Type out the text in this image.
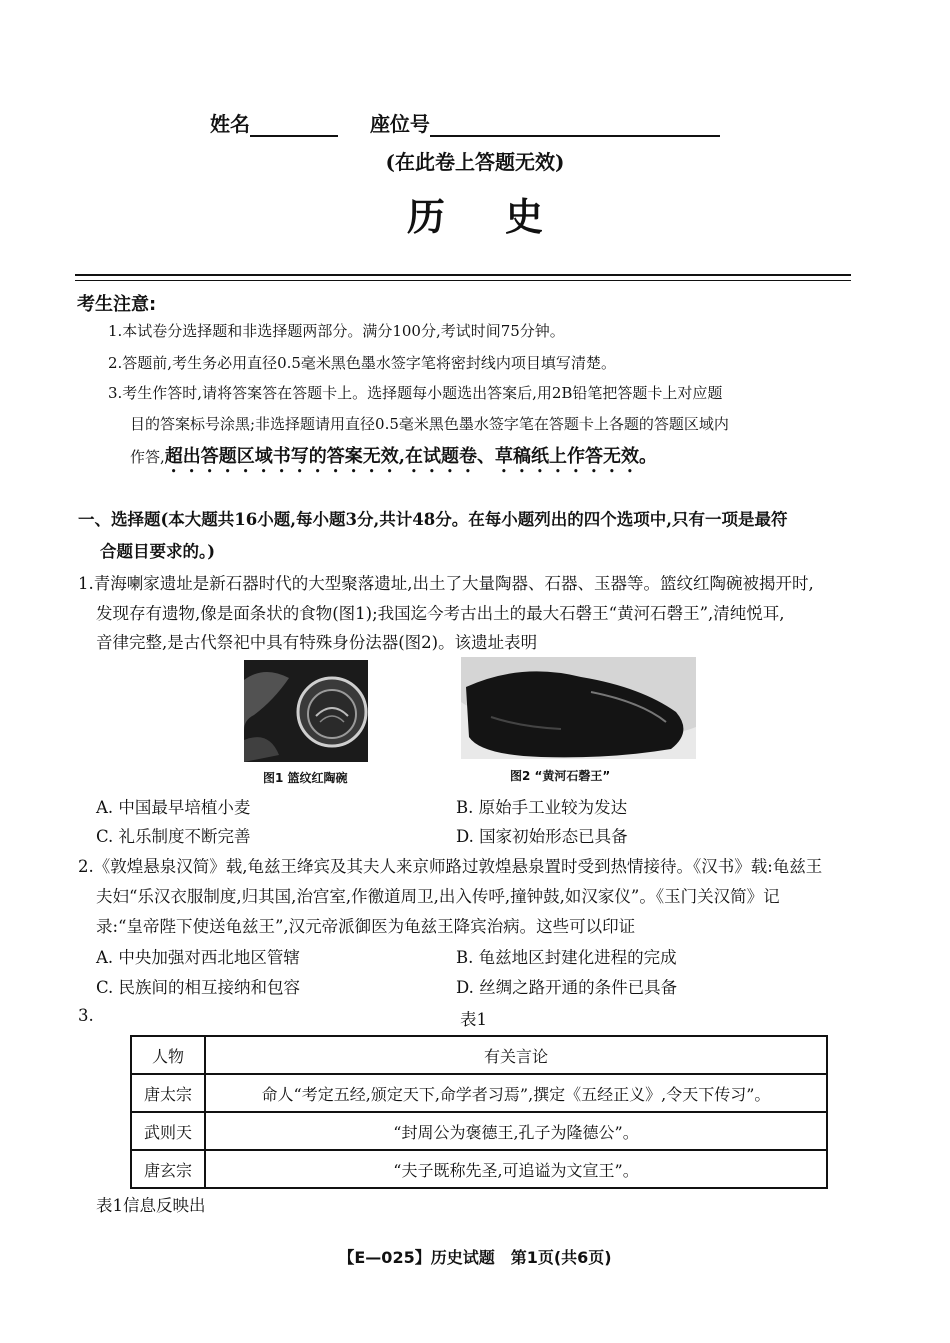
姓名	座位号
(在此卷上答题无效)
历史
考生注意:
1.本试卷分选择题和非选择题两部分。满分100分,考试时间75分钟。
2.答题前,考生务必用直径0.5毫米黑色墨水签字笔将密封线内项目填写清楚。
3.考生作答时,请将答案答在答题卡上。选择题每小题选出答案后,用2B铅笔把答题卡上对应题
目的答案标号涂黑;非选择题请用直径0.5毫米黑色墨水签字笔在答题卡上各题的答题区域内
作答,超出答题区域书写的答案无效,在试题卷、草稿纸上作答无效。
一、选择题(本大题共16小题,每小题3分,共计48分。在每小题列出的四个选项中,只有一项是最符
合题目要求的。)
1.青海喇家遗址是新石器时代的大型聚落遗址,出土了大量陶器、石器、玉器等。篮纹红陶碗被揭开时,
发现存有遗物,像是面条状的食物(图1);我国迄今考古出土的最大石磬王“黄河石磬王”,清纯悦耳,
音律完整,是古代祭祀中具有特殊身份法器(图2)。该遗址表明
图1 篮纹红陶碗	图2 “黄河石磬王”
A. 中国最早培植小麦	B. 原始手工业较为发达
C. 礼乐制度不断完善	D. 国家初始形态已具备
2.《敦煌悬泉汉简》载,龟兹王绛宾及其夫人来京师路过敦煌悬泉置时受到热情接待。《汉书》载:龟兹王
夫妇“乐汉衣服制度,归其国,治宫室,作徼道周卫,出入传呼,撞钟鼓,如汉家仪”。《玉门关汉简》记
录:“皇帝陛下使送龟兹王”,汉元帝派御医为龟兹王降宾治病。这些可以印证
A. 中央加强对西北地区管辖	B. 龟兹地区封建化进程的完成
C. 民族间的相互接纳和包容	D. 丝绸之路开通的条件已具备
3.	表1
人物	有关言论
唐太宗	命人“考定五经,颁定天下,命学者习焉”,撰定《五经正义》,令天下传习”。
武则天	“封周公为褒德王,孔子为隆德公”。
唐玄宗	“夫子既称先圣,可追谥为文宣王”。
表1信息反映出
【E—025】历史试题　第1页(共6页)
